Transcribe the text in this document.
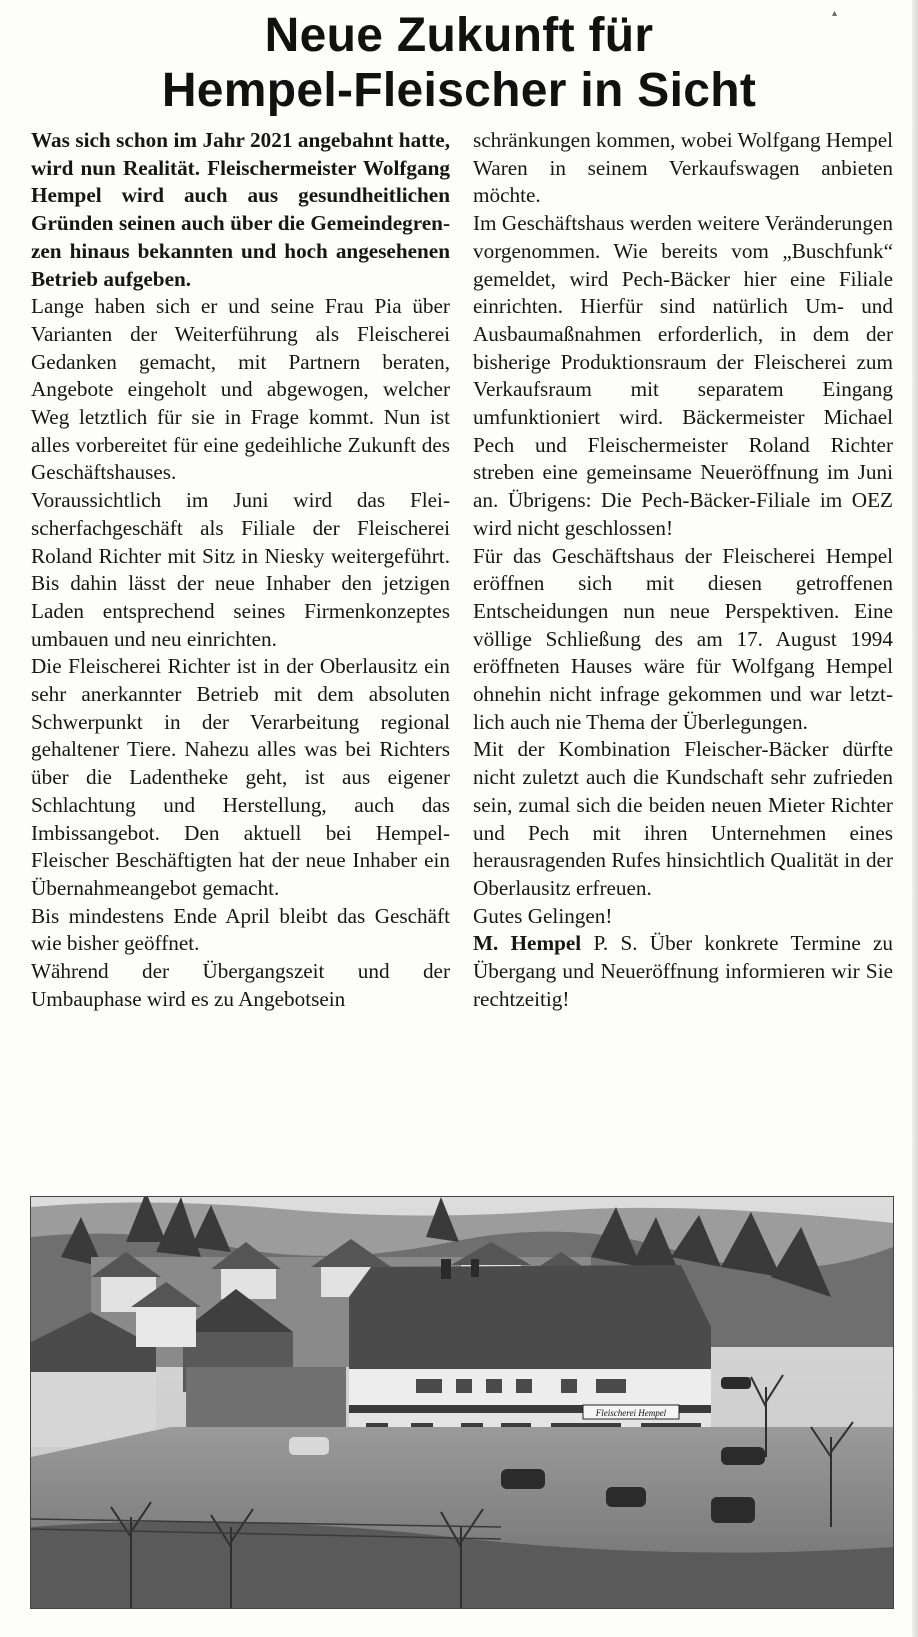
Neue Zukunft für
Hempel-Fleischer in Sicht
▴

Was sich schon im Jahr 2021 angebahnt hatte, wird nun Realität. Fleischermeister Wolfgang Hempel wird auch aus gesundheitlichen Gründen seinen auch über die Gemeindegrenzen hinaus bekannten und hoch angesehenen Betrieb aufgeben.

Lange haben sich er und seine Frau Pia über Varianten der Weiterführung als Fleischerei Gedanken gemacht, mit Partnern beraten, Angebote eingeholt und abgewogen, welcher Weg letztlich für sie in Frage kommt. Nun ist alles vorbereitet für eine gedeihliche Zukunft des Geschäftshauses.

Voraussichtlich im Juni wird das Fleischerfachgeschäft als Filiale der Fleischerei Roland Richter mit Sitz in Niesky weitergeführt. Bis dahin lässt der neue Inhaber den jetzigen Laden entsprechend seines Firmenkonzeptes umbauen und neu einrichten.

Die Fleischerei Richter ist in der Oberlausitz ein sehr anerkannter Betrieb mit dem absoluten Schwerpunkt in der Verarbeitung regional gehaltener Tiere. Nahezu alles was bei Richters über die Ladentheke geht, ist aus eigener Schlachtung und Herstellung, auch das Imbissangebot. Den aktuell bei Hempel-Fleischer Beschäftigten hat der neue Inhaber ein Übernahmeangebot gemacht.

Bis mindestens Ende April bleibt das Geschäft wie bisher geöffnet.

Während der Übergangszeit und der Umbauphase wird es zu Angebotsein

schränkungen kommen, wobei Wolfgang Hempel Waren in seinem Verkaufswagen anbieten möchte.

Im Geschäftshaus werden weitere Veränderungen vorgenommen. Wie bereits vom „Buschfunk“ gemeldet, wird Pech-Bäcker hier eine Filiale einrichten. Hierfür sind natürlich Um- und Ausbaumaßnahmen erforderlich, in dem der bisherige Produktionsraum der Fleischerei zum Verkaufsraum mit separatem Eingang umfunktioniert wird. Bäckermeister Michael Pech und Fleischermeister Roland Richter streben eine gemeinsame Neueröffnung im Juni an. Übrigens: Die Pech-Bäcker-Filiale im OEZ wird nicht geschlossen!

Für das Geschäftshaus der Fleischerei Hempel eröffnen sich mit diesen getroffenen Entscheidungen nun neue Perspektiven. Eine völlige Schließung des am 17. August 1994 eröffneten Hauses wäre für Wolfgang Hempel ohnehin nicht infrage gekommen und war letztlich auch nie Thema der Überlegungen.

Mit der Kombination Fleischer-Bäcker dürfte nicht zuletzt auch die Kundschaft sehr zufrieden sein, zumal sich die beiden neuen Mieter Richter und Pech mit ihren Unternehmen eines herausragenden Rufes hinsichtlich Qualität in der Oberlausitz erfreuen.

Gutes Gelingen!

M. Hempel P. S. Über konkrete Termine zu Übergang und Neueröffnung informieren wir Sie rechtzeitig!

Fleischerei Hempel
